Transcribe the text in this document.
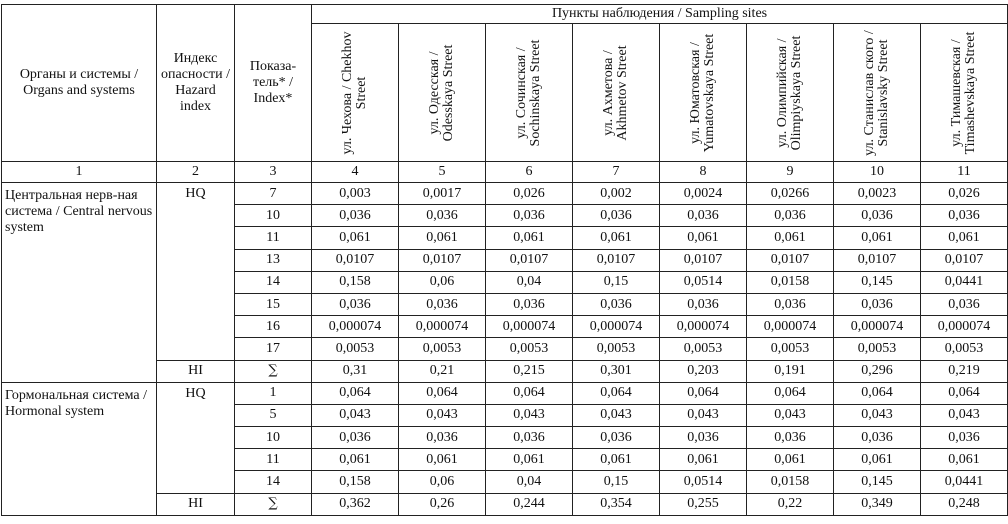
Органы и системы / Organs and systems	Индекс опасности / Hazard index	Показа-тель* / Index*	Пункты наблюдения / Sampling sites							

			ул. Чехова / Chekhov Street	ул. Одесская / Odesskaya Street	ул. Сочинская / Sochinskaya Street	ул. Ахметова / Akhmetov Street	ул. Юматовская / Yumatovskaya Street	ул. Олимпийская / Olimpiyskaya Street	ул. Станислав ского / Stanislavsky Street	ул. Тимашевская / Timashevskaya Street

1	2	3	4	5	6	7	8	9	10	11
Центральная нерв-ная система / Central nervous system	HQ	7	0,003	0,0017	0,026	0,002	0,0024	0,0266	0,0023	0,026
		10	0,036	0,036	0,036	0,036	0,036	0,036	0,036	0,036
		11	0,061	0,061	0,061	0,061	0,061	0,061	0,061	0,061
		13	0,0107	0,0107	0,0107	0,0107	0,0107	0,0107	0,0107	0,0107
		14	0,158	0,06	0,04	0,15	0,0514	0,0158	0,145	0,0441
		15	0,036	0,036	0,036	0,036	0,036	0,036	0,036	0,036
		16	0,000074	0,000074	0,000074	0,000074	0,000074	0,000074	0,000074	0,000074
		17	0,0053	0,0053	0,0053	0,0053	0,0053	0,0053	0,0053	0,0053
	HI	∑	0,31	0,21	0,215	0,301	0,203	0,191	0,296	0,219
Гормональная система / Hormonal system	HQ	1	0,064	0,064	0,064	0,064	0,064	0,064	0,064	0,064
		5	0,043	0,043	0,043	0,043	0,043	0,043	0,043	0,043
		10	0,036	0,036	0,036	0,036	0,036	0,036	0,036	0,036
		11	0,061	0,061	0,061	0,061	0,061	0,061	0,061	0,061
		14	0,158	0,06	0,04	0,15	0,0514	0,0158	0,145	0,0441
	HI	∑	0,362	0,26	0,244	0,354	0,255	0,22	0,349	0,248
